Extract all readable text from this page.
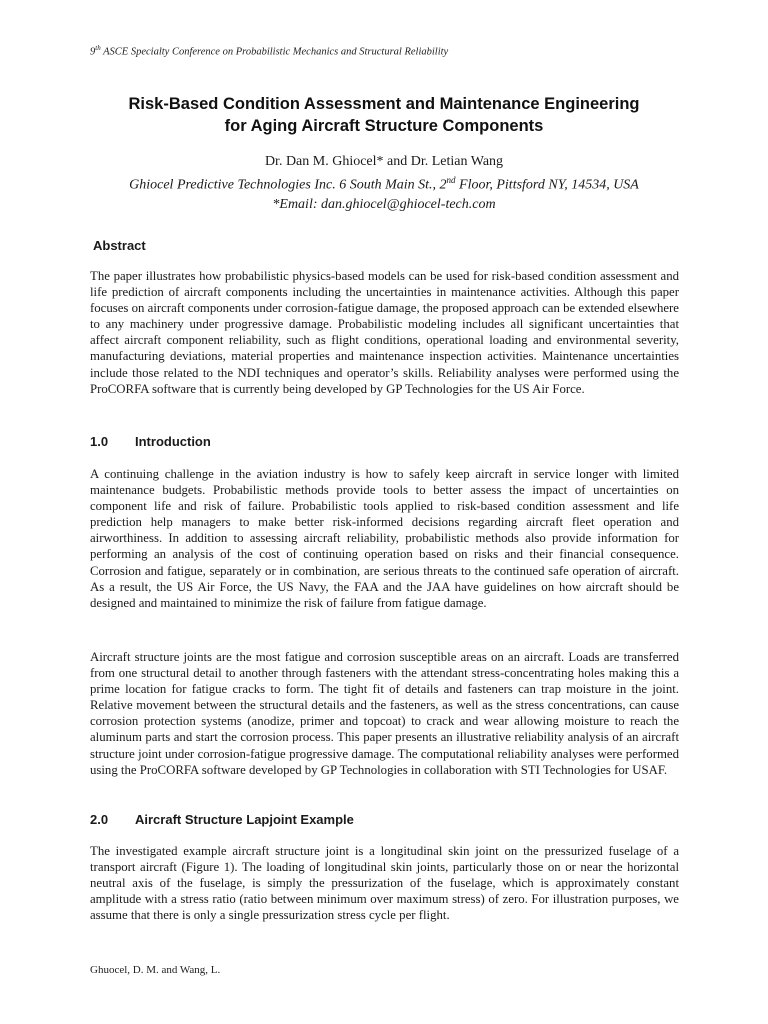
9th ASCE Specialty Conference on Probabilistic Mechanics and Structural Reliability
Risk-Based Condition Assessment and Maintenance Engineering
for Aging Aircraft Structure Components
Dr. Dan M. Ghiocel* and Dr. Letian Wang
Ghiocel Predictive Technologies Inc. 6 South Main St., 2nd Floor, Pittsford NY, 14534, USA
*Email: dan.ghiocel@ghiocel-tech.com
Abstract

The paper illustrates how probabilistic physics-based models can be used for risk-based condition assessment and life prediction of aircraft components including the uncertainties in maintenance activities. Although this paper focuses on aircraft components under corrosion-fatigue damage, the proposed approach can be extended elsewhere to any machinery under progressive damage. Probabilistic modeling includes all significant uncertainties that affect aircraft component reliability, such as flight conditions, operational loading and environmental severity, manufacturing deviations, material properties and maintenance inspection activities. Maintenance uncertainties include those related to the NDI techniques and operator’s skills. Reliability analyses were performed using the ProCORFA software that is currently being developed by GP Technologies for the US Air Force.

1.0	Introduction

A continuing challenge in the aviation industry is how to safely keep aircraft in service longer with limited maintenance budgets. Probabilistic methods provide tools to better assess the impact of uncertainties on component life and risk of failure. Probabilistic tools applied to risk-based condition assessment and life prediction help managers to make better risk-informed decisions regarding aircraft fleet operation and airworthiness. In addition to assessing aircraft reliability, probabilistic methods also provide information for performing an analysis of the cost of continuing operation based on risks and their financial consequence. Corrosion and fatigue, separately or in combination, are serious threats to the continued safe operation of aircraft. As a result, the US Air Force, the US Navy, the FAA and the JAA have guidelines on how aircraft should be designed and maintained to minimize the risk of failure from fatigue damage.

Aircraft structure joints are the most fatigue and corrosion susceptible areas on an aircraft. Loads are transferred from one structural detail to another through fasteners with the attendant stress-concentrating holes making this a prime location for fatigue cracks to form. The tight fit of details and fasteners can trap moisture in the joint. Relative movement between the structural details and the fasteners, as well as the stress concentrations, can cause corrosion protection systems (anodize, primer and topcoat) to crack and wear allowing moisture to reach the aluminum parts and start the corrosion process. This paper presents an illustrative reliability analysis of an aircraft structure joint under corrosion-fatigue progressive damage. The computational reliability analyses were performed using the ProCORFA software developed by GP Technologies in collaboration with STI Technologies for USAF.

2.0	Aircraft Structure Lapjoint Example

The investigated example aircraft structure joint is a longitudinal skin joint on the pressurized fuselage of a transport aircraft (Figure 1). The loading of longitudinal skin joints, particularly those on or near the horizontal neutral axis of the fuselage, is simply the pressurization of the fuselage, which is approximately constant amplitude with a stress ratio (ratio between minimum over maximum stress) of zero. For illustration purposes, we assume that there is only a single pressurization stress cycle per flight.

Ghuocel, D. M. and Wang, L.
